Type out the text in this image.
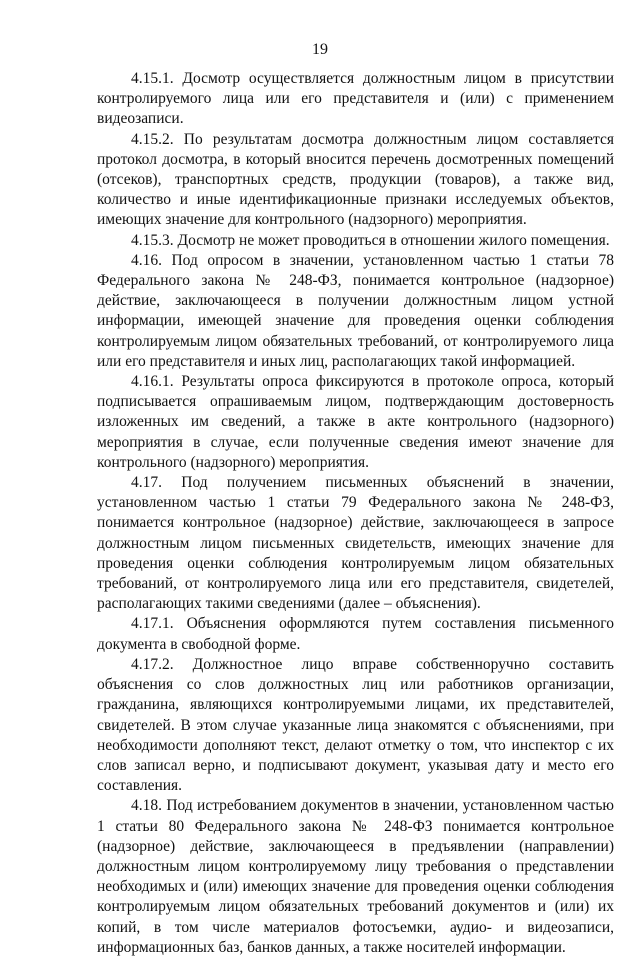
19

4.15.1. Досмотр осуществляется должностным лицом в присутствии контролируемого лица или его представителя и (или) с применением видеозаписи.

4.15.2. По результатам досмотра должностным лицом составляется протокол досмотра, в который вносится перечень досмотренных помещений (отсеков), транспортных средств, продукции (товаров), а также вид, количество и иные идентификационные признаки исследуемых объектов, имеющих значение для контрольного (надзорного) мероприятия.

4.15.3. Досмотр не может проводиться в отношении жилого помещения.

4.16. Под опросом в значении, установленном частью 1 статьи 78 Федерального закона № 248-ФЗ, понимается контрольное (надзорное) действие, заключающееся в получении должностным лицом устной информации, имеющей значение для проведения оценки соблюдения контролируемым лицом обязательных требований, от контролируемого лица или его представителя и иных лиц, располагающих такой информацией.

4.16.1. Результаты опроса фиксируются в протоколе опроса, который подписывается опрашиваемым лицом, подтверждающим достоверность изложенных им сведений, а также в акте контрольного (надзорного) мероприятия в случае, если полученные сведения имеют значение для контрольного (надзорного) мероприятия.

4.17. Под получением письменных объяснений в значении, установленном частью 1 статьи 79 Федерального закона № 248-ФЗ, понимается контрольное (надзорное) действие, заключающееся в запросе должностным лицом письменных свидетельств, имеющих значение для проведения оценки соблюдения контролируемым лицом обязательных требований, от контролируемого лица или его представителя, свидетелей, располагающих такими сведениями (далее – объяснения).

4.17.1. Объяснения оформляются путем составления письменного документа в свободной форме.

4.17.2. Должностное лицо вправе собственноручно составить объяснения со слов должностных лиц или работников организации, гражданина, являющихся контролируемыми лицами, их представителей, свидетелей. В этом случае указанные лица знакомятся с объяснениями, при необходимости дополняют текст, делают отметку о том, что инспектор с их слов записал верно, и подписывают документ, указывая дату и место его составления.

4.18. Под истребованием документов в значении, установленном частью 1 статьи 80 Федерального закона № 248-ФЗ понимается контрольное (надзорное) действие, заключающееся в предъявлении (направлении) должностным лицом контролируемому лицу требования о представлении необходимых и (или) имеющих значение для проведения оценки соблюдения контролируемым лицом обязательных требований документов и (или) их копий, в том числе материалов фотосъемки, аудио- и видеозаписи, информационных баз, банков данных, а также носителей информации.
